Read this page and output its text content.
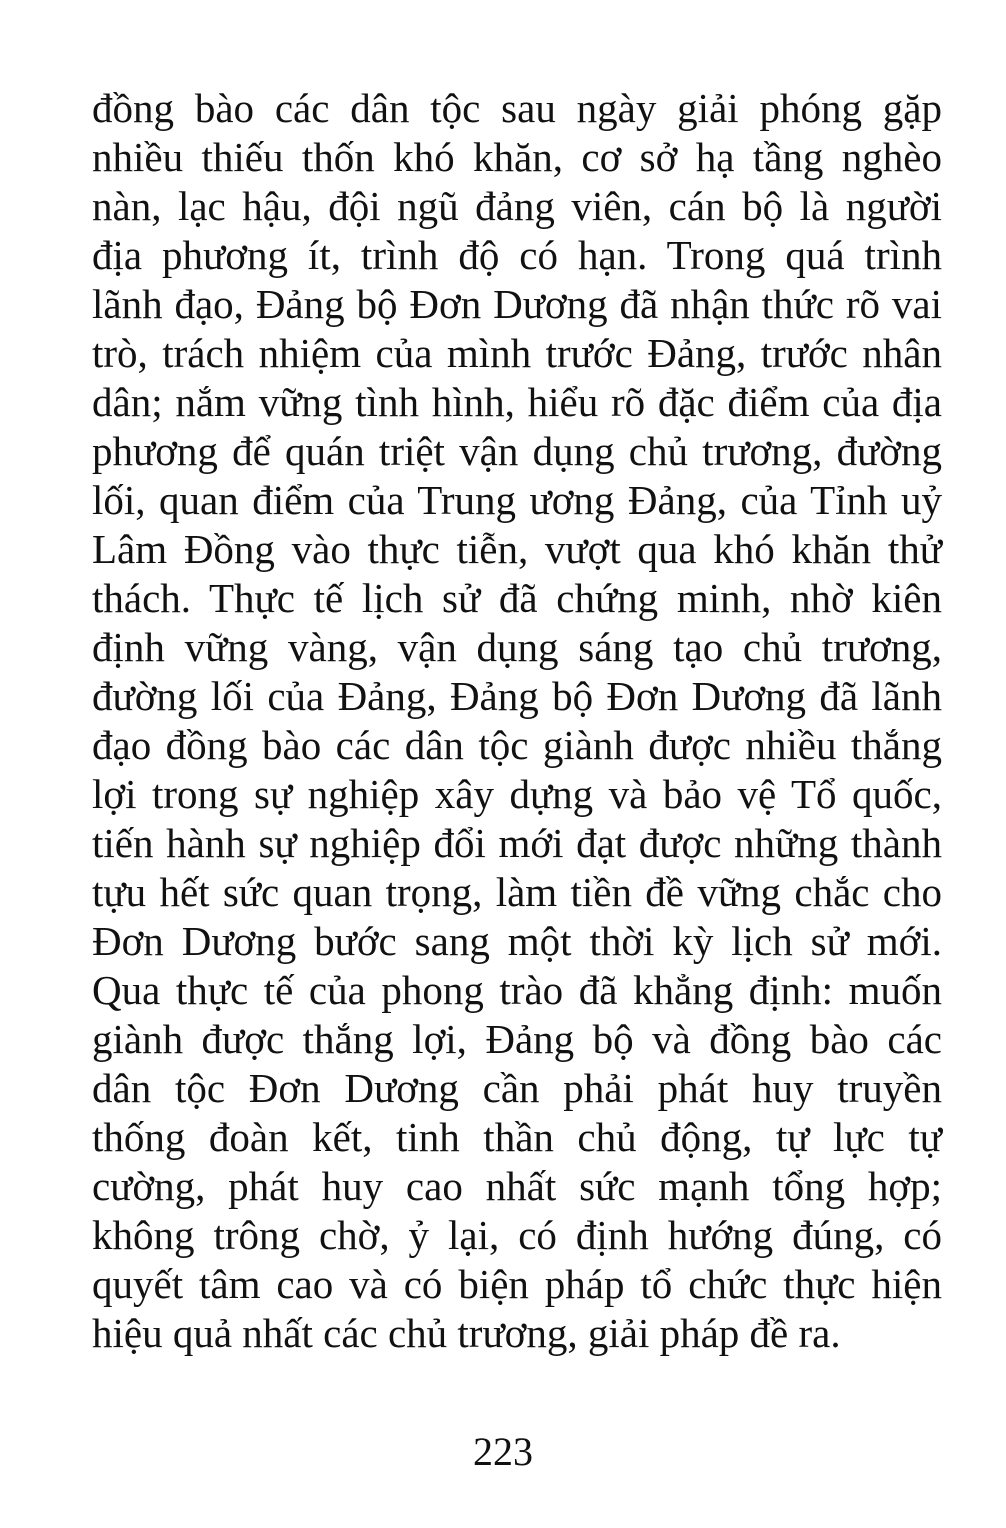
đồng bào các dân tộc sau ngày giải phóng gặp
nhiều thiếu thốn khó khăn, cơ sở hạ tầng nghèo
nàn, lạc hậu, đội ngũ đảng viên, cán bộ là người
địa phương ít, trình độ có hạn. Trong quá trình
lãnh đạo, Đảng bộ Đơn Dương đã nhận thức rõ vai
trò, trách nhiệm của mình trước Đảng, trước nhân
dân; nắm vững tình hình, hiểu rõ đặc điểm của địa
phương để quán triệt vận dụng chủ trương, đường
lối, quan điểm của Trung ương Đảng, của Tỉnh uỷ
Lâm Đồng vào thực tiễn, vượt qua khó khăn thử
thách. Thực tế lịch sử đã chứng minh, nhờ kiên
định vững vàng, vận dụng sáng tạo chủ trương,
đường lối của Đảng, Đảng bộ Đơn Dương đã lãnh
đạo đồng bào các dân tộc giành được nhiều thắng
lợi trong sự nghiệp xây dựng và bảo vệ Tổ quốc,
tiến hành sự nghiệp đổi mới đạt được những thành
tựu hết sức quan trọng, làm tiền đề vững chắc cho
Đơn Dương bước sang một thời kỳ lịch sử mới.
Qua thực tế của phong trào đã khẳng định: muốn
giành được thắng lợi, Đảng bộ và đồng bào các
dân tộc Đơn Dương cần phải phát huy truyền
thống đoàn kết, tinh thần chủ động, tự lực tự
cường, phát huy cao nhất sức mạnh tổng hợp;
không trông chờ, ỷ lại, có định hướng đúng, có
quyết tâm cao và có biện pháp tổ chức thực hiện
hiệu quả nhất các chủ trương, giải pháp đề ra.
223
